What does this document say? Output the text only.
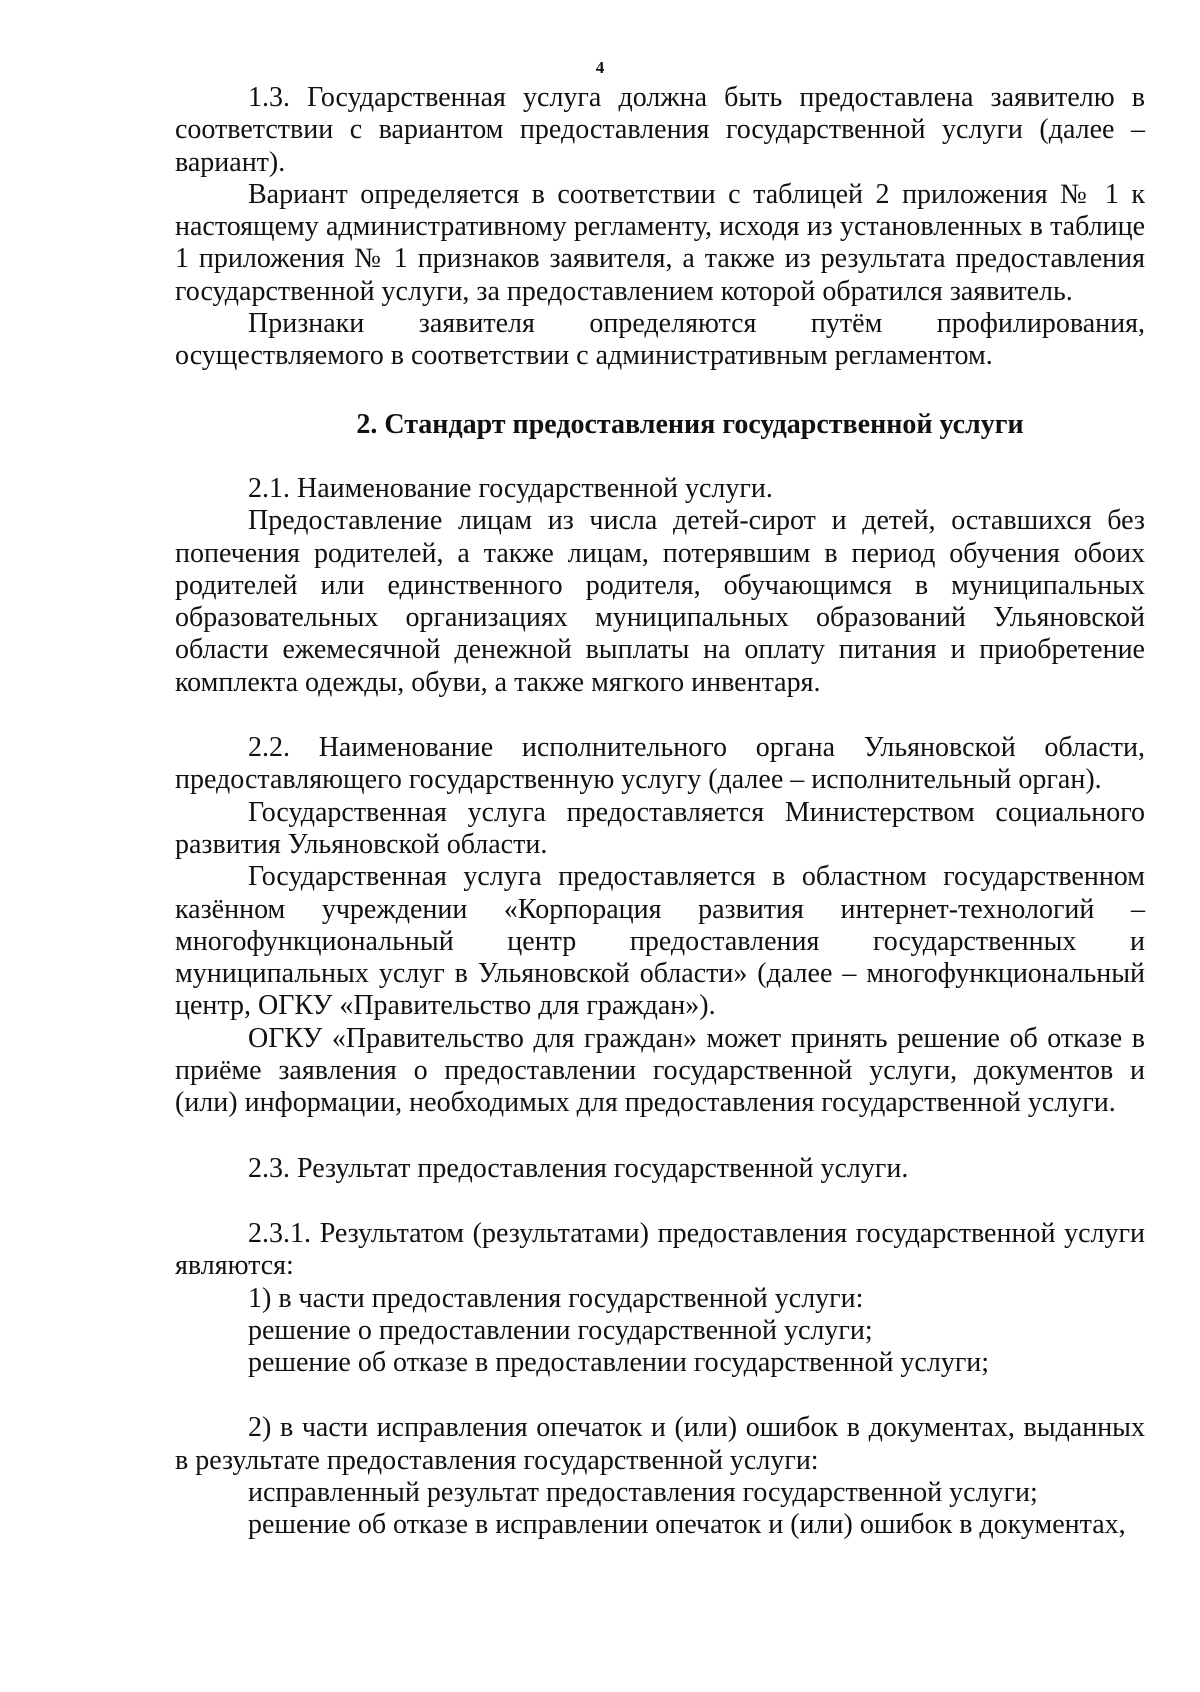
4

1.3. Государственная услуга должна быть предоставлена заявителю в соответствии с вариантом предоставления государственной услуги (далее – вариант).

Вариант определяется в соответствии с таблицей 2 приложения № 1 к настоящему административному регламенту, исходя из установленных в таблице 1 приложения № 1 признаков заявителя, а также из результата предоставления государственной услуги, за предоставлением которой обратился заявитель.

Признаки заявителя определяются путём профилирования, осуществляемого в соответствии с административным регламентом.

2. Стандарт предоставления государственной услуги

2.1. Наименование государственной услуги.

Предоставление лицам из числа детей-сирот и детей, оставшихся без попечения родителей, а также лицам, потерявшим в период обучения обоих родителей или единственного родителя, обучающимся в муниципальных образовательных организациях муниципальных образований Ульяновской области ежемесячной денежной выплаты на оплату питания и приобретение комплекта одежды, обуви, а также мягкого инвентаря.

2.2. Наименование исполнительного органа Ульяновской области, предоставляющего государственную услугу (далее – исполнительный орган).

Государственная услуга предоставляется Министерством социального развития Ульяновской области.

Государственная услуга предоставляется в областном государственном казённом учреждении «Корпорация развития интернет-технологий – многофункциональный центр предоставления государственных и муниципальных услуг в Ульяновской области» (далее – многофункциональный центр, ОГКУ «Правительство для граждан»).

ОГКУ «Правительство для граждан» может принять решение об отказе в приёме заявления о предоставлении государственной услуги, документов и (или) информации, необходимых для предоставления государственной услуги.

2.3. Результат предоставления государственной услуги.

2.3.1. Результатом (результатами) предоставления государственной услуги являются:

1) в части предоставления государственной услуги:

решение о предоставлении государственной услуги;

решение об отказе в предоставлении государственной услуги;

2) в части исправления опечаток и (или) ошибок в документах, выданных в результате предоставления государственной услуги:

исправленный результат предоставления государственной услуги;

решение об отказе в исправлении опечаток и (или) ошибок в документах,
